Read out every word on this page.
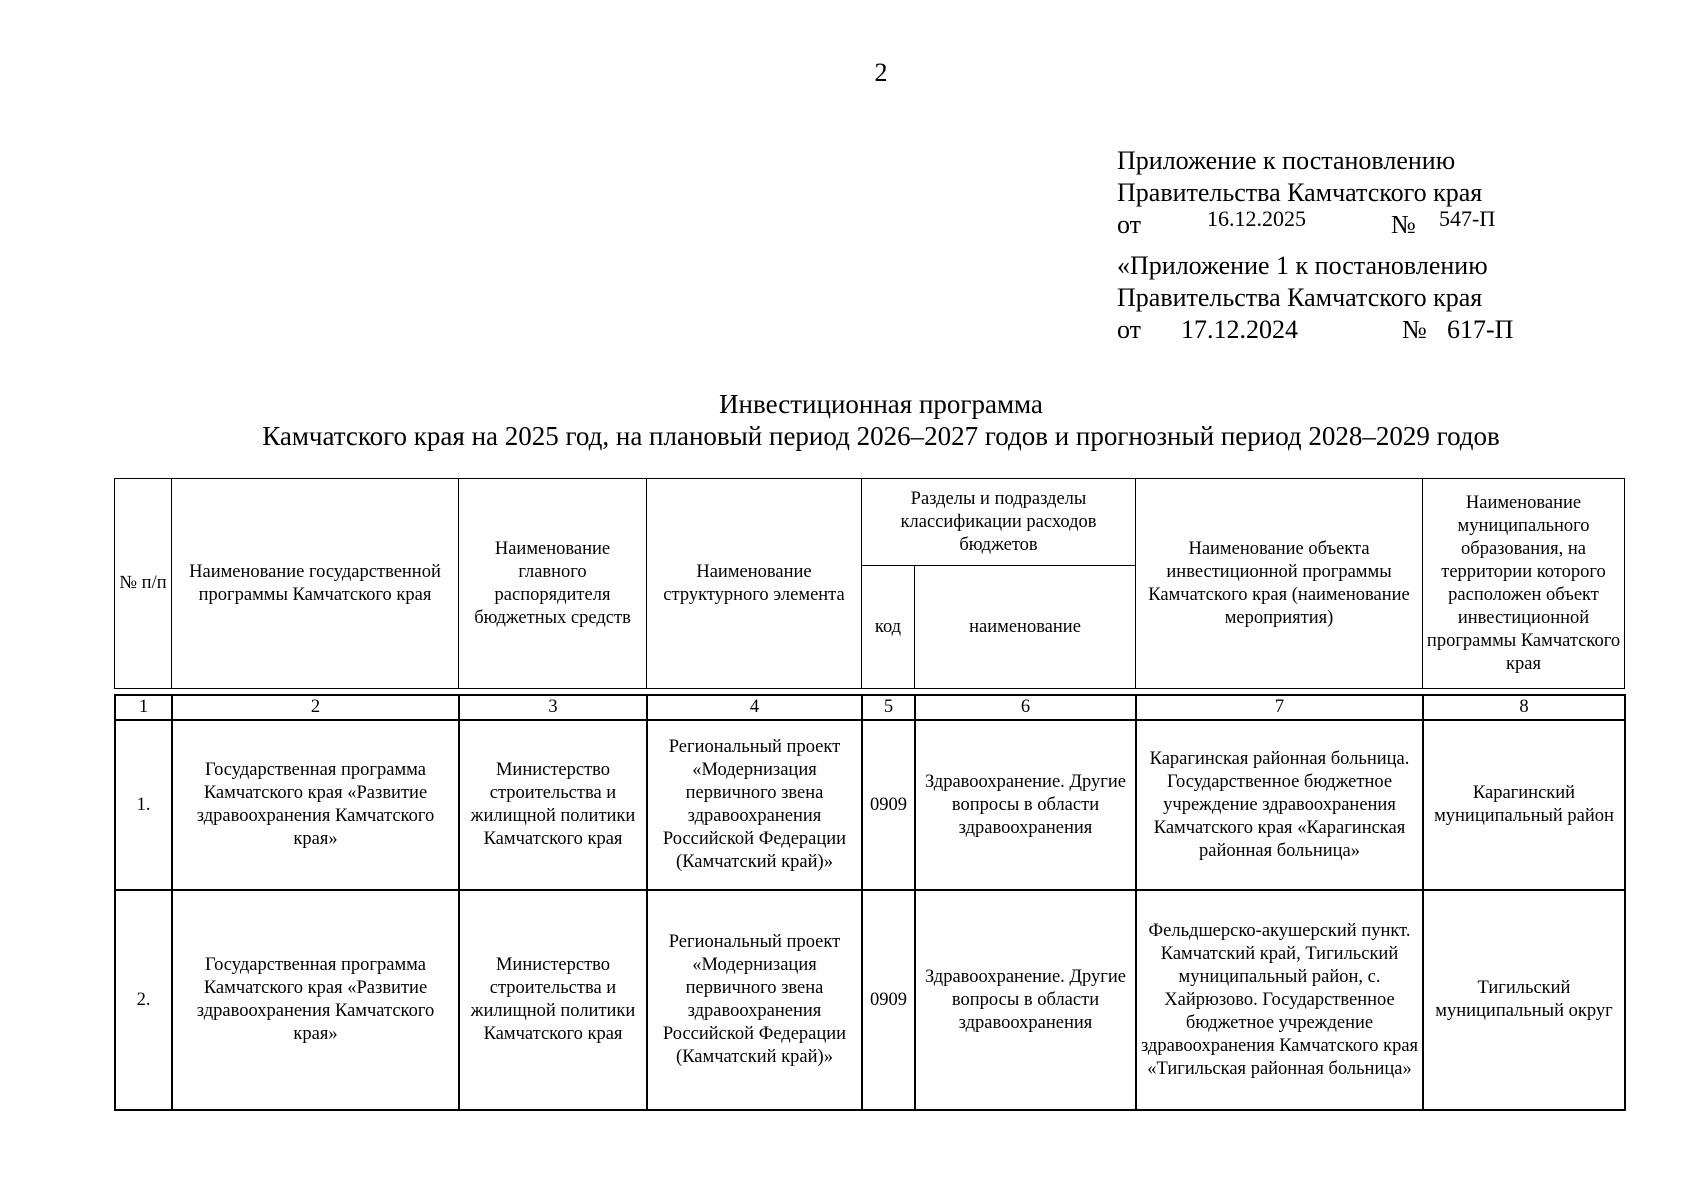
2
Приложение к постановлению
Правительства Камчатского края
от	16.12.2025	№ 547-П
«Приложение 1 к постановлению
Правительства Камчатского края
от 17.12.2024	№ 617-П
Инвестиционная программа
Камчатского края на 2025 год, на плановый период 2026–2027 годов и прогнозный период 2028–2029 годов
№ п/п	Наименование государственной программы Камчатского края	Наименование главного распорядителя бюджетных средств	Наименование структурного элемента	Разделы и подразделы классификации расходов бюджетов		Наименование объекта инвестиционной программы Камчатского края (наименование мероприятия)	Наименование муниципального образования, на территории которого расположен объект инвестиционной программы Камчатского края
				код	наименование		
1	2	3	4	5	6	7	8
1.	Государственная программа Камчатского края «Развитие здравоохранения Камчатского края»	Министерство строительства и жилищной политики Камчатского края	Региональный проект «Модернизация первичного звена здравоохранения Российской Федерации (Камчатский край)»	0909	Здравоохранение. Другие вопросы в области здравоохранения	Карагинская районная больница. Государственное бюджетное учреждение здравоохранения Камчатского края «Карагинская районная больница»	Карагинский муниципальный район
2.	Государственная программа Камчатского края «Развитие здравоохранения Камчатского края»	Министерство строительства и жилищной политики Камчатского края	Региональный проект «Модернизация первичного звена здравоохранения Российской Федерации (Камчатский край)»	0909	Здравоохранение. Другие вопросы в области здравоохранения	Фельдшерско-акушерский пункт. Камчатский край, Тигильский муниципальный район, с. Хайрюзово. Государственное бюджетное учреждение здравоохранения Камчатского края «Тигильская районная больница»	Тигильский муниципальный округ
